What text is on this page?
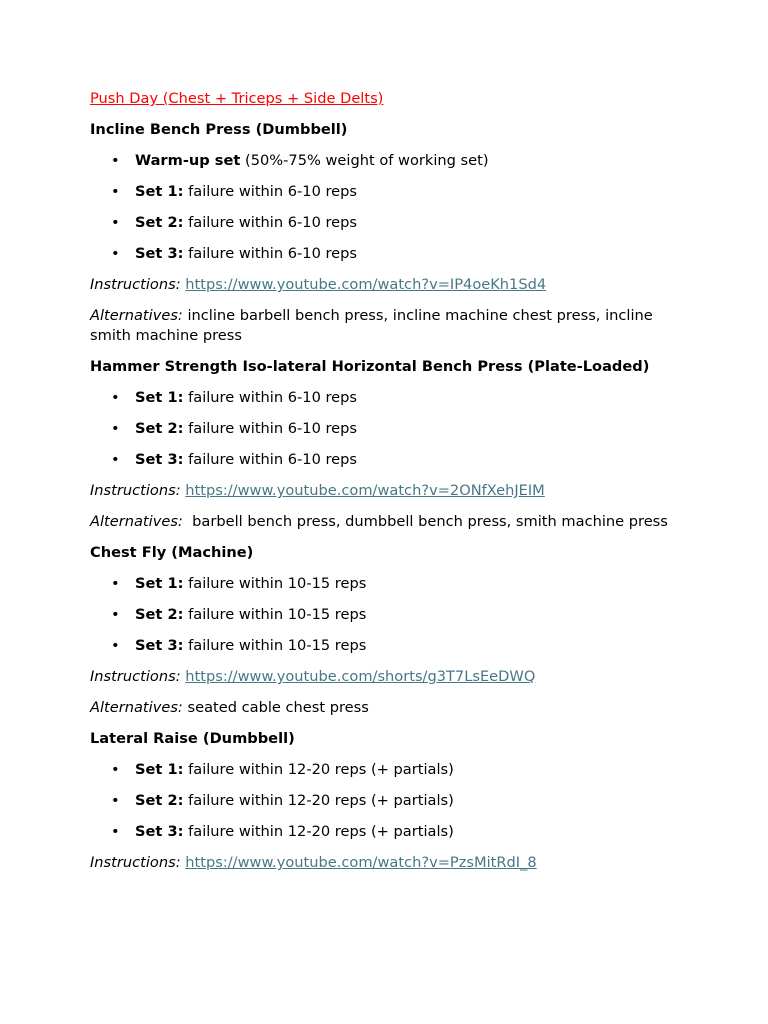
Push Day (Chest + Triceps + Side Delts)
Incline Bench Press (Dumbbell)
• Warm-up set (50%-75% weight of working set)
• Set 1: failure within 6-10 reps
• Set 2: failure within 6-10 reps
• Set 3: failure within 6-10 reps
Instructions: https://www.youtube.com/watch?v=IP4oeKh1Sd4
Alternatives: incline barbell bench press, incline machine chest press, incline smith machine press
Hammer Strength Iso-lateral Horizontal Bench Press (Plate-Loaded)
• Set 1: failure within 6-10 reps
• Set 2: failure within 6-10 reps
• Set 3: failure within 6-10 reps
Instructions: https://www.youtube.com/watch?v=2ONfXehJEIM
Alternatives: barbell bench press, dumbbell bench press, smith machine press
Chest Fly (Machine)
• Set 1: failure within 10-15 reps
• Set 2: failure within 10-15 reps
• Set 3: failure within 10-15 reps
Instructions: https://www.youtube.com/shorts/g3T7LsEeDWQ
Alternatives: seated cable chest press
Lateral Raise (Dumbbell)
• Set 1: failure within 12-20 reps (+ partials)
• Set 2: failure within 12-20 reps (+ partials)
• Set 3: failure within 12-20 reps (+ partials)
Instructions: https://www.youtube.com/watch?v=PzsMitRdI_8
